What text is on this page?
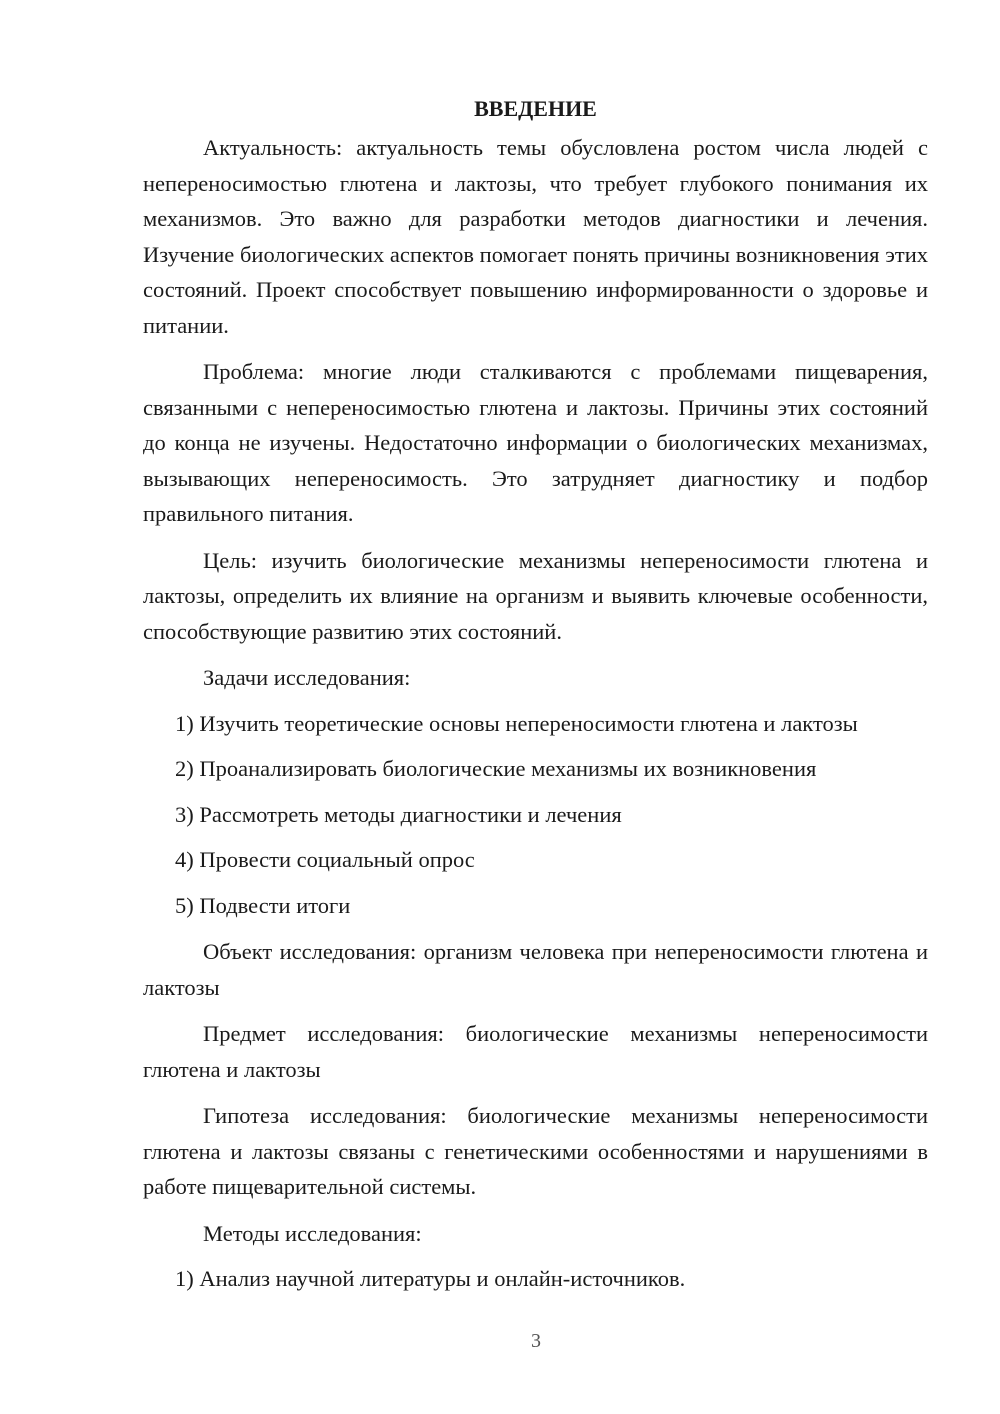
ВВЕДЕНИЕ

Актуальность: актуальность темы обусловлена ростом числа людей с непереносимостью глютена и лактозы, что требует глубокого понимания их механизмов. Это важно для разработки методов диагностики и лечения. Изучение биологических аспектов помогает понять причины возникновения этих состояний. Проект способствует повышению информированности о здоровье и питании.

Проблема: многие люди сталкиваются с проблемами пищеварения, связанными с непереносимостью глютена и лактозы. Причины этих состояний до конца не изучены. Недостаточно информации о биологических механизмах, вызывающих непереносимость. Это затрудняет диагностику и подбор правильного питания.

Цель: изучить биологические механизмы непереносимости глютена и лактозы, определить их влияние на организм и выявить ключевые особенности, способствующие развитию этих состояний.

Задачи исследования:

1) Изучить теоретические основы непереносимости глютена и лактозы

2) Проанализировать биологические механизмы их возникновения

3) Рассмотреть методы диагностики и лечения

4) Провести социальный опрос

5) Подвести итоги

Объект исследования: организм человека при непереносимости глютена и лактозы

Предмет исследования: биологические механизмы непереносимости глютена и лактозы

Гипотеза исследования: биологические механизмы непереносимости глютена и лактозы связаны с генетическими особенностями и нарушениями в работе пищеварительной системы.

Методы исследования:

1) Анализ научной литературы и онлайн-источников.

3
